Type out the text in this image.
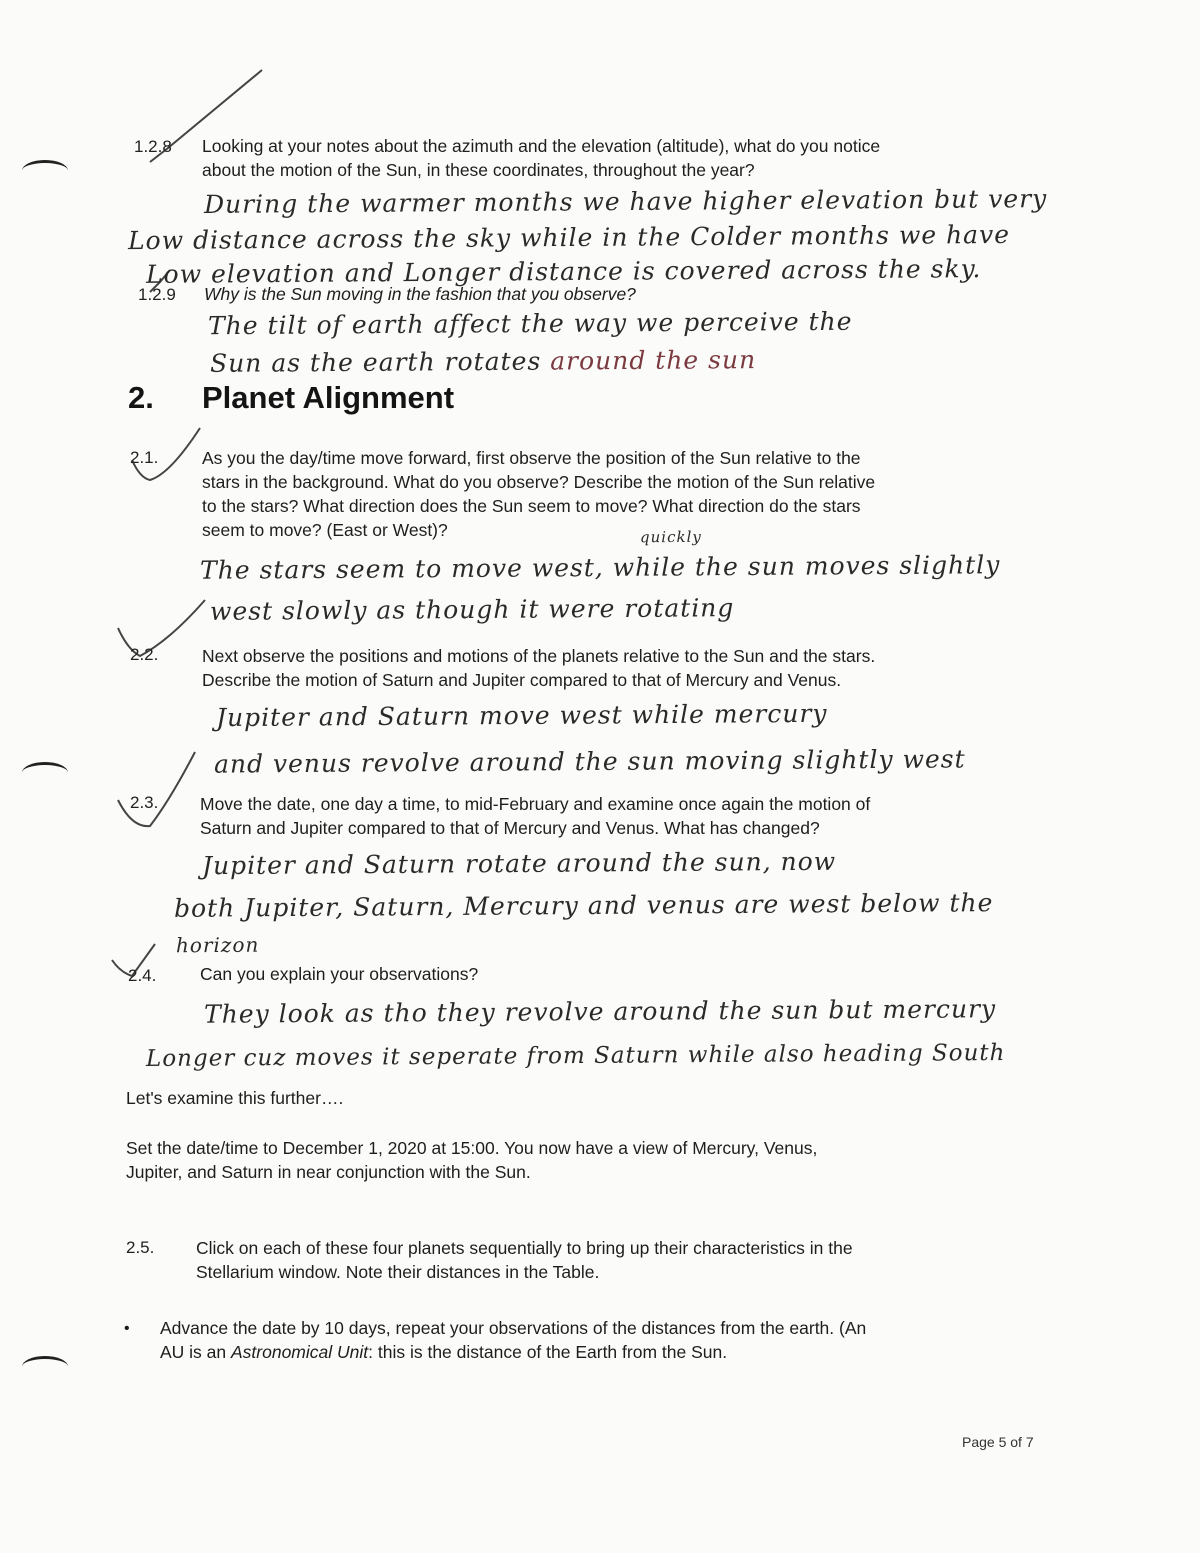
1.2.8 Looking at your notes about the azimuth and the elevation (altitude), what do you notice
about the motion of the Sun, in these coordinates, throughout the year?
During the warmer months we have higher elevation but very
Low distance across the sky while in the Colder months we have
Low elevation and Longer distance is covered across the sky.
1.2.9 Why is the Sun moving in the fashion that you observe?
The tilt of earth affect the way we perceive the
Sun as the earth rotates around the sun
2. Planet Alignment
2.1. As you the day/time move forward, first observe the position of the Sun relative to the
stars in the background. What do you observe? Describe the motion of the Sun relative
to the stars? What direction does the Sun seem to move? What direction do the stars
seem to move? (East or West)?	quickly
The stars seem to move west, while the sun moves slightly
west slowly as though it were rotating
2.2. Next observe the positions and motions of the planets relative to the Sun and the stars.
Describe the motion of Saturn and Jupiter compared to that of Mercury and Venus.
Jupiter and Saturn move west while mercury
and venus revolve around the sun moving slightly west
2.3. Move the date, one day a time, to mid-February and examine once again the motion of
Saturn and Jupiter compared to that of Mercury and Venus. What has changed?
Jupiter and Saturn rotate around the sun, now
both Jupiter, Saturn, Mercury and venus are west below the
horizon
2.4. Can you explain your observations?
They look as tho they revolve around the sun but mercury
Longer cuz moves it seperate from Saturn while also heading South
Let's examine this further….
Set the date/time to December 1, 2020 at 15:00. You now have a view of Mercury, Venus,
Jupiter, and Saturn in near conjunction with the Sun.
2.5. Click on each of these four planets sequentially to bring up their characteristics in the
Stellarium window. Note their distances in the Table.
• Advance the date by 10 days, repeat your observations of the distances from the earth. (An
AU is an Astronomical Unit: this is the distance of the Earth from the Sun.
Page 5 of 7
